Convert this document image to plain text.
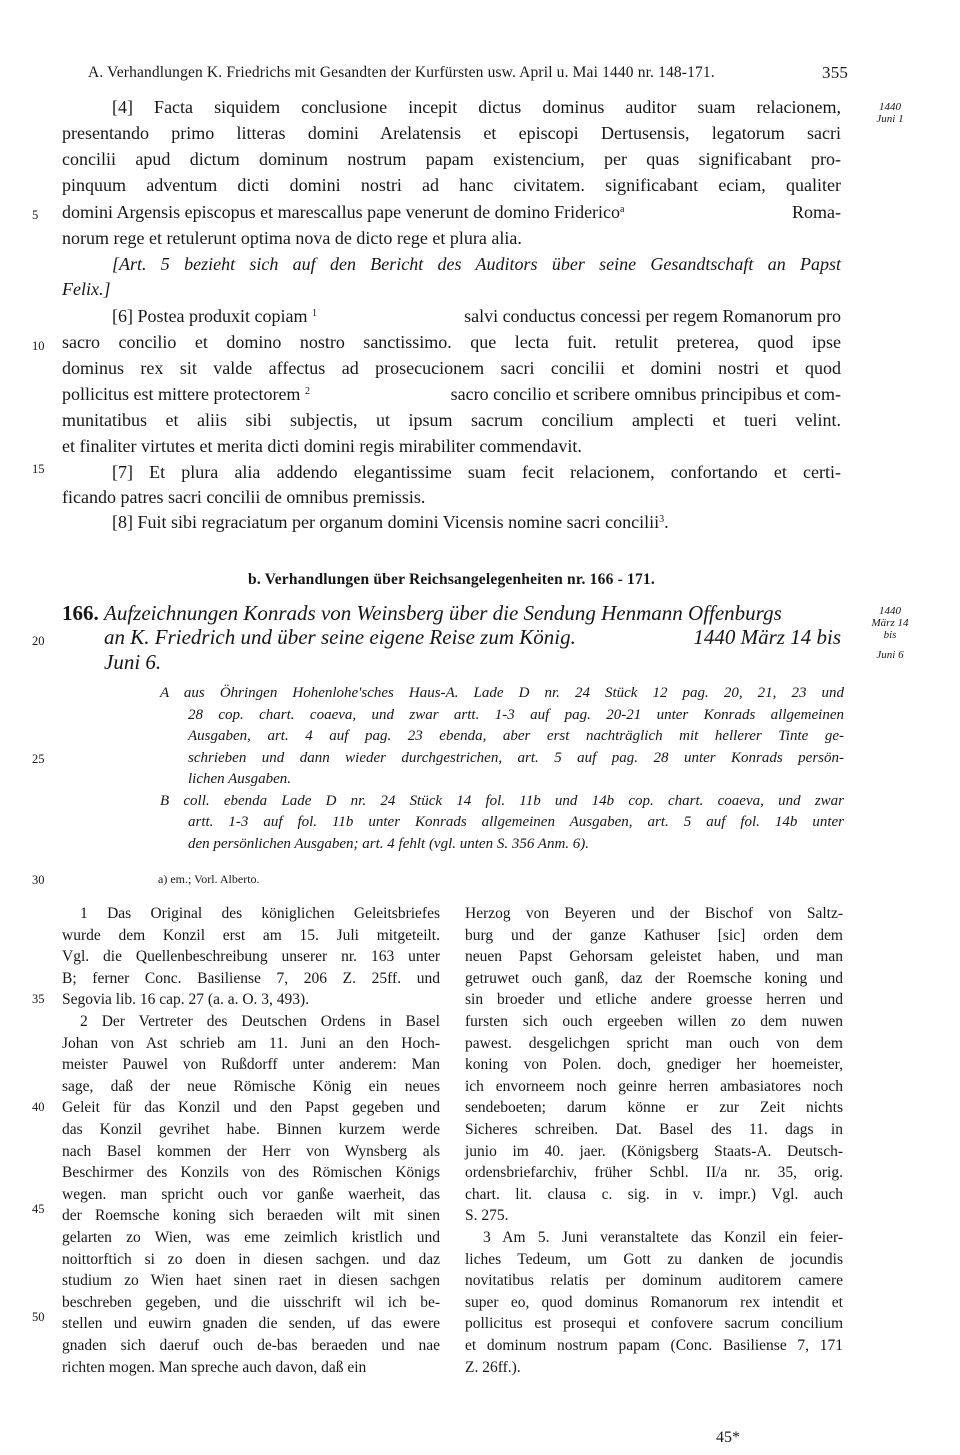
A. Verhandlungen K. Friedrichs mit Gesandten der Kurfürsten usw. April u. Mai 1440 nr. 148-171.	355
1440
Juni 1
5
10
15
20
25
30
35
40
45
50
[4] Facta siquidem conclusione incepit dictus dominus auditor suam relacionem,
presentando primo litteras domini Arelatensis et episcopi Dertusensis, legatorum sacri
concilii apud dictum dominum nostrum papam existencium, per quas significabant pro-
pinquum adventum dicti domini nostri ad hanc civitatem. significabant eciam, qualiter
domini Argensis episcopus et marescallus pape venerunt de domino Friderico$^a$	Roma-
norum rege et retulerunt optima nova de dicto rege et plura alia.
[Art. 5 bezieht sich auf den Bericht des Auditors über seine Gesandtschaft an Papst
Felix.]
[6] Postea produxit copiam $^1$	salvi conductus concessi per regem Romanorum pro
sacro concilio et domino nostro sanctissimo. que lecta fuit. retulit preterea, quod ipse
dominus rex sit valde affectus ad prosecucionem sacri concilii et domini nostri et quod
pollicitus est mittere protectorem $^2$	sacro concilio et scribere omnibus principibus et com-
munitatibus et aliis sibi subjectis, ut ipsum sacrum concilium amplecti et tueri velint.
et finaliter virtutes et merita dicti domini regis mirabiliter commendavit.
[7] Et plura alia addendo elegantissime suam fecit relacionem, confortando et certi-
ficando patres sacri concilii de omnibus premissis.
[8] Fuit sibi regraciatum per organum domini Vicensis nomine sacri concilii$^3$.
b. Verhandlungen über Reichsangelegenheiten nr. 166 - 171.
166. Aufzeichnungen Konrads von Weinsberg über die Sendung Henmann Offenburgs
an K. Friedrich und über seine eigene Reise zum König.	1440 März 14 bis
Juni 6.
1440
März 14
bis
Juni 6
A aus Öhringen Hohenlohe'sches Haus-A. Lade D nr. 24 Stück 12 pag. 20, 21, 23 und
28 cop. chart. coaeva, und zwar artt. 1-3 auf pag. 20-21 unter Konrads allgemeinen
Ausgaben, art. 4 auf pag. 23 ebenda, aber erst nachträglich mit hellerer Tinte ge-
schrieben und dann wieder durchgestrichen, art. 5 auf pag. 28 unter Konrads persön-
lichen Ausgaben.
B coll. ebenda Lade D nr. 24 Stück 14 fol. 11b und 14b cop. chart. coaeva, und zwar
artt. 1-3 auf fol. 11b unter Konrads allgemeinen Ausgaben, art. 5 auf fol. 14b unter
den persönlichen Ausgaben; art. 4 fehlt (vgl. unten S. 356 Anm. 6).
a) em.; Vorl. Alberto.
1 Das Original des königlichen Geleitsbriefes
wurde dem Konzil erst am 15. Juli mitgeteilt.
Vgl. die Quellenbeschreibung unserer nr. 163 unter
B; ferner Conc. Basiliense 7, 206 Z. 25ff. und
Segovia lib. 16 cap. 27 (a. a. O. 3, 493).
2 Der Vertreter des Deutschen Ordens in Basel
Johan von Ast schrieb am 11. Juni an den Hoch-
meister Pauwel von Rußdorff unter anderem: Man
sage, daß der neue Römische König ein neues
Geleit für das Konzil und den Papst gegeben und
das Konzil gevrihet habe. Binnen kurzem werde
nach Basel kommen der Herr von Wynsberg als
Beschirmer des Konzils von des Römischen Königs
wegen. man spricht ouch vor ganße waerheit, das
der Roemsche koning sich beraeden wilt mit sinen
gelarten zo Wien, was eme zeimlich kristlich und
noittorftich si zo doen in diesen sachgen. und daz
studium zo Wien haet sinen raet in diesen sachgen
beschreben gegeben, und die uisschrift wil ich be-
stellen und euwirn gnaden die senden, uf das ewere
gnaden sich daeruf ouch de-bas beraeden und nae
richten mogen. Man spreche auch davon, daß ein
Herzog von Beyeren und der Bischof von Saltz-
burg und der ganze Kathuser [sic] orden dem
neuen Papst Gehorsam geleistet haben, und man
getruwet ouch ganß, daz der Roemsche koning und
sin broeder und etliche andere groesse herren und
fursten sich ouch ergeeben willen zo dem nuwen
pawest. desgelichgen spricht man ouch von dem
koning von Polen. doch, gnediger her hoemeister,
ich envorneem noch geinre herren ambasiatores noch
sendeboeten; darum könne er zur Zeit nichts
Sicheres schreiben. Dat. Basel des 11. dags in
junio im 40. jaer. (Königsberg Staats-A. Deutsch-
ordensbriefarchiv, früher Schbl. II/a nr. 35, orig.
chart. lit. clausa c. sig. in v. impr.) Vgl. auch
S. 275.
3 Am 5. Juni veranstaltete das Konzil ein feier-
liches Tedeum, um Gott zu danken de jocundis
novitatibus relatis per dominum auditorem camere
super eo, quod dominus Romanorum rex intendit et
pollicitus est prosequi et confovere sacrum concilium
et dominum nostrum papam (Conc. Basiliense 7, 171
Z. 26ff.).
45*
